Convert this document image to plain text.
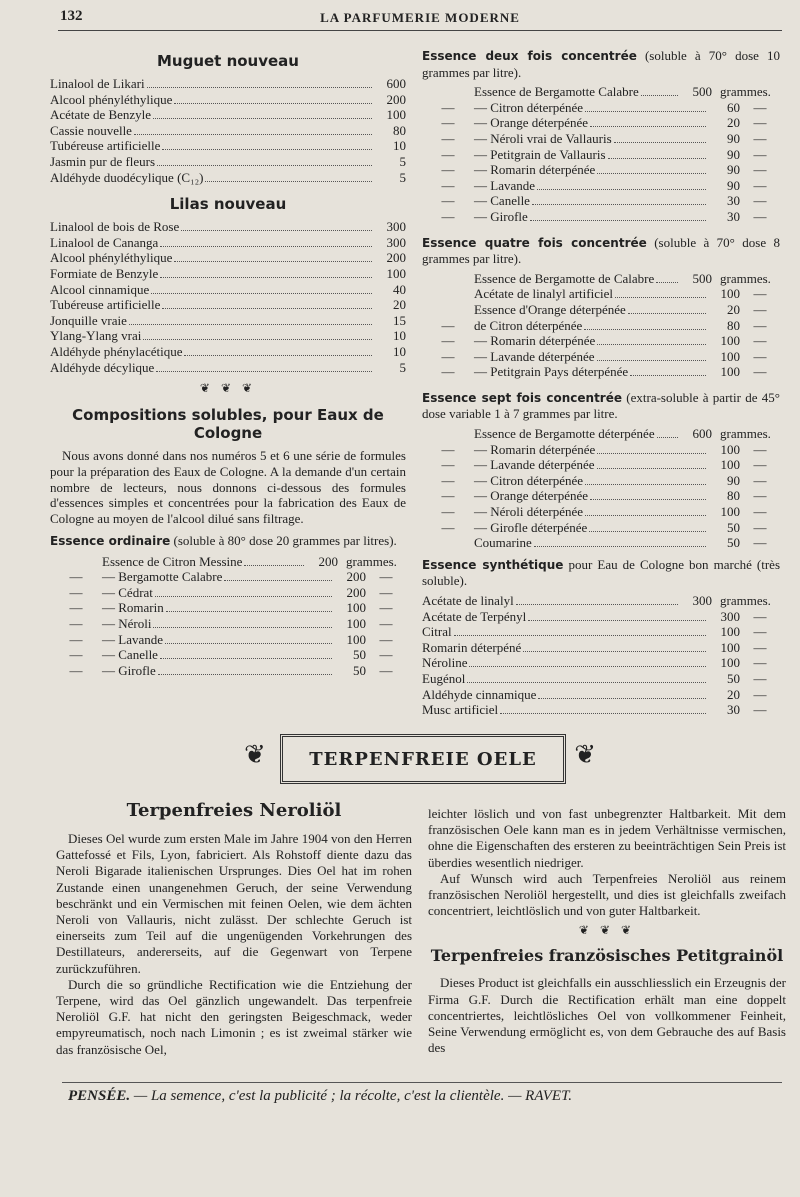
132	LA PARFUMERIE MODERNE
Muguet nouveau
Linalool de Likari	600
Alcool phényléthylique	200
Acétate de Benzyle	100
Cassie nouvelle	80
Tubéreuse artificielle	10
Jasmin pur de fleurs	5
Aldéhyde duodécylique (C₁₂)	5
Lilas nouveau
Linalool de bois de Rose	300
Linalool de Cananga	300
Alcool phényléthylique	200
Formiate de Benzyle	100
Alcool cinnamique	40
Tubéreuse artificielle	20
Jonquille vraie	15
Ylang-Ylang vrai	10
Aldéhyde phénylacétique	10
Aldéhyde décylique	5
❦ ❦ ❦
Compositions solubles, pour Eaux de Cologne

Nous avons donné dans nos numéros 5 et 6 une série de formules pour la préparation des Eaux de Cologne. A la demande d'un certain nombre de lecteurs, nous donnons ci-dessous des formules d'essences simples et concentrées pour la fabrication des Eaux de Cologne au moyen de l'alcool dilué sans filtrage.

Essence ordinaire (soluble à 80° dose 20 grammes par litres).
Essence de Citron Messine	200 grammes.
—	— Bergamotte Calabre	200	—
—	— Cédrat	200	—
—	— Romarin	100	—
—	— Néroli	100	—
—	— Lavande	100	—
—	— Canelle	50	—
—	— Girofle	50	—
Essence deux fois concentrée (soluble à 70° dose 10 grammes par litre).
Essence de Bergamotte Calabre	500 grammes.
—	— Citron déterpénée	60	—
—	— Orange déterpénée	20	—
—	— Néroli vrai de Vallauris	90	—
—	— Petitgrain de Vallauris	90	—
—	— Romarin déterpénée	90	—
—	— Lavande	90	—
—	— Canelle	30	—
—	— Girofle	30	—
Essence quatre fois concentrée (soluble à 70° dose 8 grammes par litre).
Essence de Bergamotte de Calabre	500 grammes.
Acétate de linalyl artificiel	100	—
Essence d'Orange déterpénée	20	—
—	de Citron déterpénée	80	—
—	— Romarin déterpénée	100	—
—	— Lavande déterpénée	100	—
—	— Petitgrain Pays déterpénée	100	—
Essence sept fois concentrée (extra-soluble à partir de 45° dose variable 1 à 7 grammes par litre.
Essence de Bergamotte déterpénée	600 grammes.
—	— Romarin déterpénée	100	—
—	— Lavande déterpénée	100	—
—	— Citron déterpénée	90	—
—	— Orange déterpénée	80	—
—	— Néroli déterpénée	100	—
—	— Girofle déterpénée	50	—
Coumarine	50	—
Essence synthétique pour Eau de Cologne bon marché (très soluble).
Acétate de linalyl	300 grammes.
Acétate de Terpényl	300	—
Citral	100	—
Romarin déterpéné	100	—
Néroline	100	—
Eugénol	50	—
Aldéhyde cinnamique	20	—
Musc artificiel	30	—
❦ TERPENFREIE OELE ❦
Terpenfreies Neroliöl

Dieses Oel wurde zum ersten Male im Jahre 1904 von den Herren Gattefossé et Fils, Lyon, fabriciert. Als Rohstoff diente dazu das Neroli Bigarade italienischen Ursprunges. Dies Oel hat im rohen Zustande einen unangenehmen Geruch, der seine Verwendung beschränkt und ein Vermischen mit feinen Oelen, wie dem ächten Neroli von Vallauris, nicht zulässt. Der schlechte Geruch ist einerseits zum Teil auf die ungenügenden Vorkehrungen des Destillateurs, andererseits, auf die Gegenwart von Terpene zurückzuführen.

Durch die so gründliche Rectification wie die Entziehung der Terpene, wird das Oel gänzlich ungewandelt. Das terpenfreie Neroliöl G.F. hat nicht den geringsten Beigeschmack, weder empyreumatisch, noch nach Limonin ; es ist zweimal stärker wie das französische Oel,

leichter löslich und von fast unbegrenzter Haltbarkeit. Mit dem französischen Oele kann man es in jedem Verhältnisse vermischen, ohne die Eigenschaften des ersteren zu beeinträchtigen Sein Preis ist überdies wesentlich niedriger.

Auf Wunsch wird auch Terpenfreies Neroliöl aus reinem französischen Neroliöl hergestellt, und dies ist gleichfalls zweifach concentriert, leichtlöslich und von guter Haltbarkeit.

❦ ❦ ❦
Terpenfreies französisches Petitgrainöl

Dieses Product ist gleichfalls ein ausschliesslich ein Erzeugnis der Firma G.F. Durch die Rectification erhält man eine doppelt concentriertes, leichtlösliches Oel von vollkommener Feinheit, Seine Verwendung ermöglicht es, von dem Gebrauche des auf Basis des

PENSÉE. — La semence, c'est la publicité ; la récolte, c'est la clientèle. — RAVET.
